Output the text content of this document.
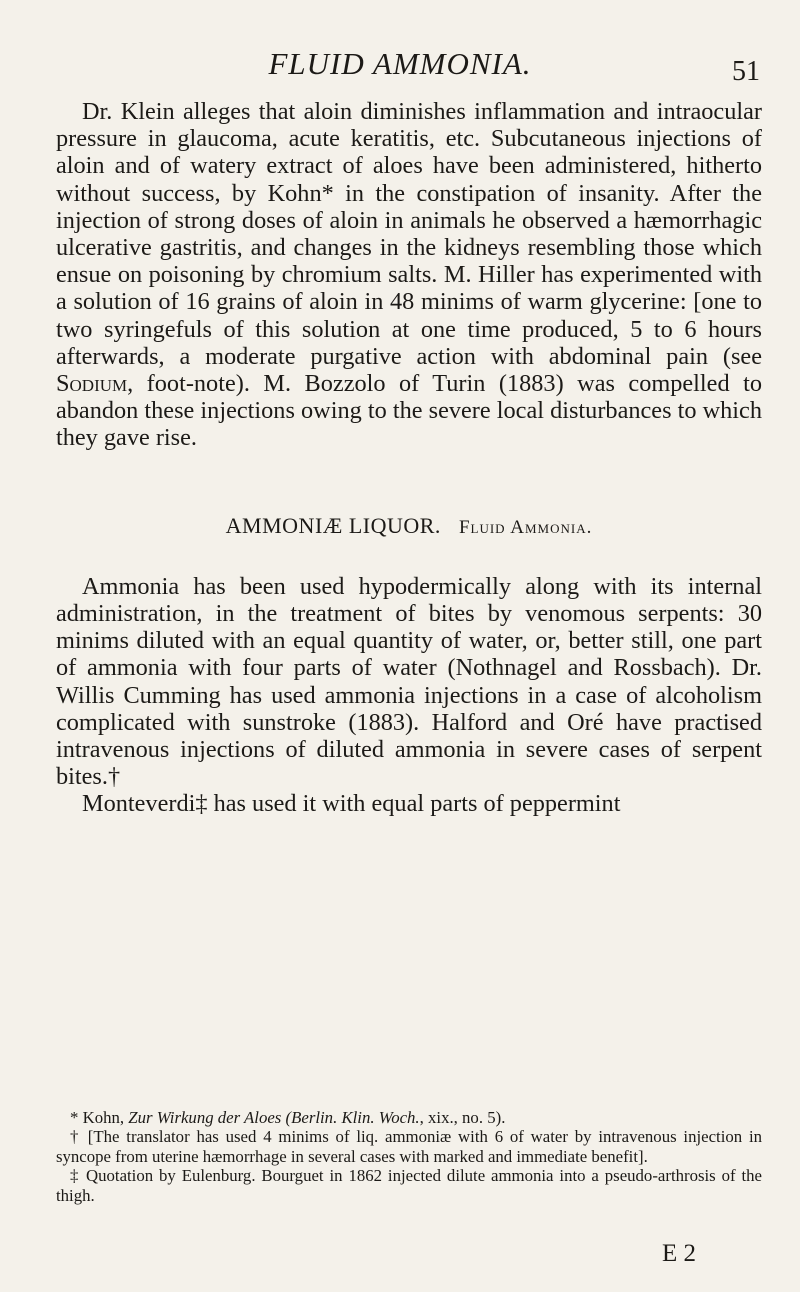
FLUID AMMONIA.	51

Dr. Klein alleges that aloin diminishes inflammation and intraocular pressure in glaucoma, acute keratitis, etc. Subcutaneous injections of aloin and of watery extract of aloes have been administered, hitherto without success, by Kohn* in the constipation of insanity. After the injection of strong doses of aloin in animals he observed a hæmorrhagic ulcerative gastritis, and changes in the kidneys resembling those which ensue on poisoning by chromium salts. M. Hiller has experimented with a solution of 16 grains of aloin in 48 minims of warm glycerine: [one to two syringefuls of this solution at one time produced, 5 to 6 hours afterwards, a moderate purgative action with abdominal pain (see Sodium, foot-note). M. Bozzolo of Turin (1883) was compelled to abandon these injections owing to the severe local disturbances to which they gave rise.

AMMONIÆ LIQUOR. Fluid Ammonia.

Ammonia has been used hypodermically along with its internal administration, in the treatment of bites by venomous serpents: 30 minims diluted with an equal quantity of water, or, better still, one part of ammonia with four parts of water (Nothnagel and Rossbach). Dr. Willis Cumming has used ammonia injections in a case of alcoholism complicated with sunstroke (1883). Halford and Oré have practised intravenous injections of diluted ammonia in severe cases of serpent bites.†

Monteverdi‡ has used it with equal parts of peppermint

* Kohn, Zur Wirkung der Aloes (Berlin. Klin. Woch., xix., no. 5).

† [The translator has used 4 minims of liq. ammoniæ with 6 of water by intravenous injection in syncope from uterine hæmorrhage in several cases with marked and immediate benefit].

‡ Quotation by Eulenburg. Bourguet in 1862 injected dilute ammonia into a pseudo-arthrosis of the thigh.

E 2
